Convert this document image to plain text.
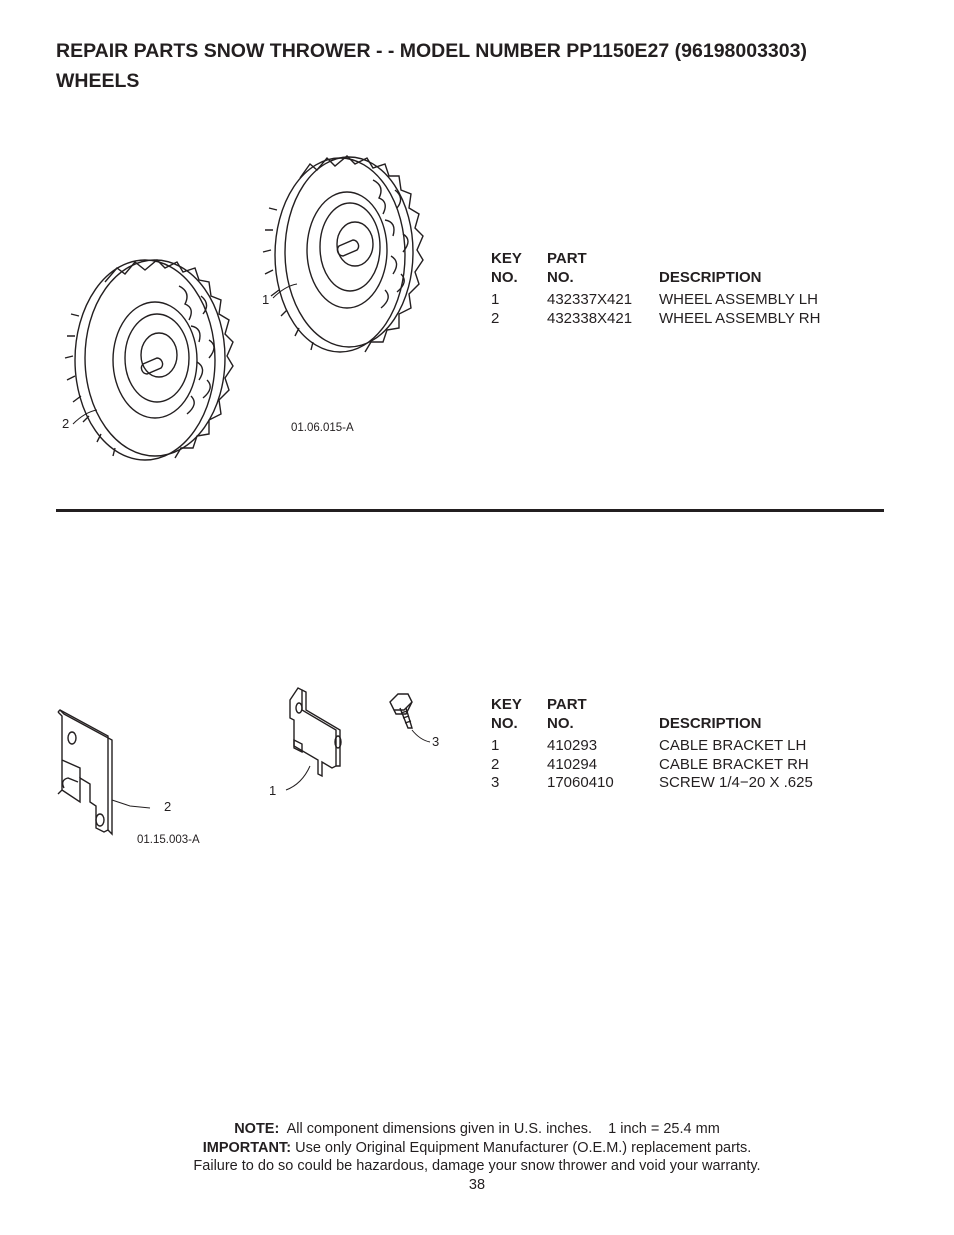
REPAIR PARTS SNOW THROWER - - MODEL NUMBER PP1150E27 (96198003303)
WHEELS
1
2	01.06.015-A
KEY PART
NO. NO.	DESCRIPTION
1	432337X421 WHEEL ASSEMBLY LH
2	432338X421 WHEEL ASSEMBLY RH
1
2
3
01.15.003-A
KEY PART
NO. NO.	DESCRIPTION
1	410293	CABLE BRACKET LH
2	410294	CABLE BRACKET RH
3	17060410	SCREW 1/4−20 X .625
NOTE:  All component dimensions given in U.S. inches.    1 inch = 25.4 mm
IMPORTANT: Use only Original Equipment Manufacturer (O.E.M.) replacement parts.
Failure to do so could be hazardous, damage your snow thrower and void your warranty.
38
